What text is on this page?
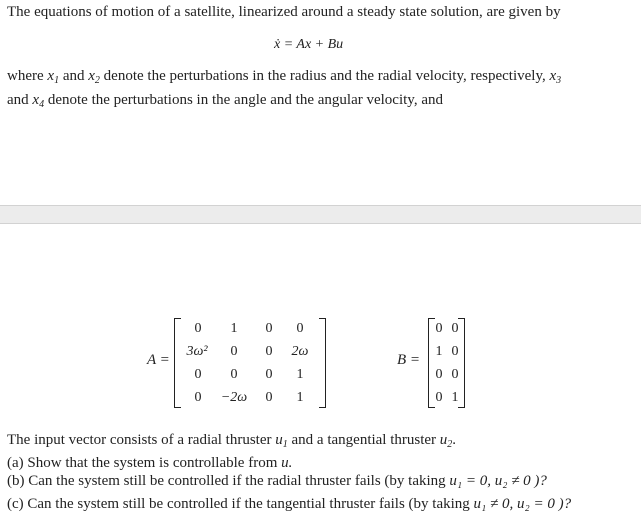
The equations of motion of a satellite, linearized around a steady state solution, are given by
ẋ = Ax + Bu
where $x_1$ and $x_2$ denote the perturbations in the radius and the radial velocity, respectively, $x_3$
and $x_4$ denote the perturbations in the angle and the angular velocity, and
A =
0	1	0	0
3ω²	0	0	2ω
0	0	0	1
0	−2ω	0	1
B =
0 0
1 0
0 0
0 1
The input vector consists of a radial thruster $u_1$ and a tangential thruster $u_2$.
(a) Show that the system is controllable from u.
(b) Can the system still be controlled if the radial thruster fails (by taking u₁ = 0, u₂ ≠ 0 )?
(c) Can the system still be controlled if the tangential thruster fails (by taking u₁ ≠ 0, u₂ = 0 )?
